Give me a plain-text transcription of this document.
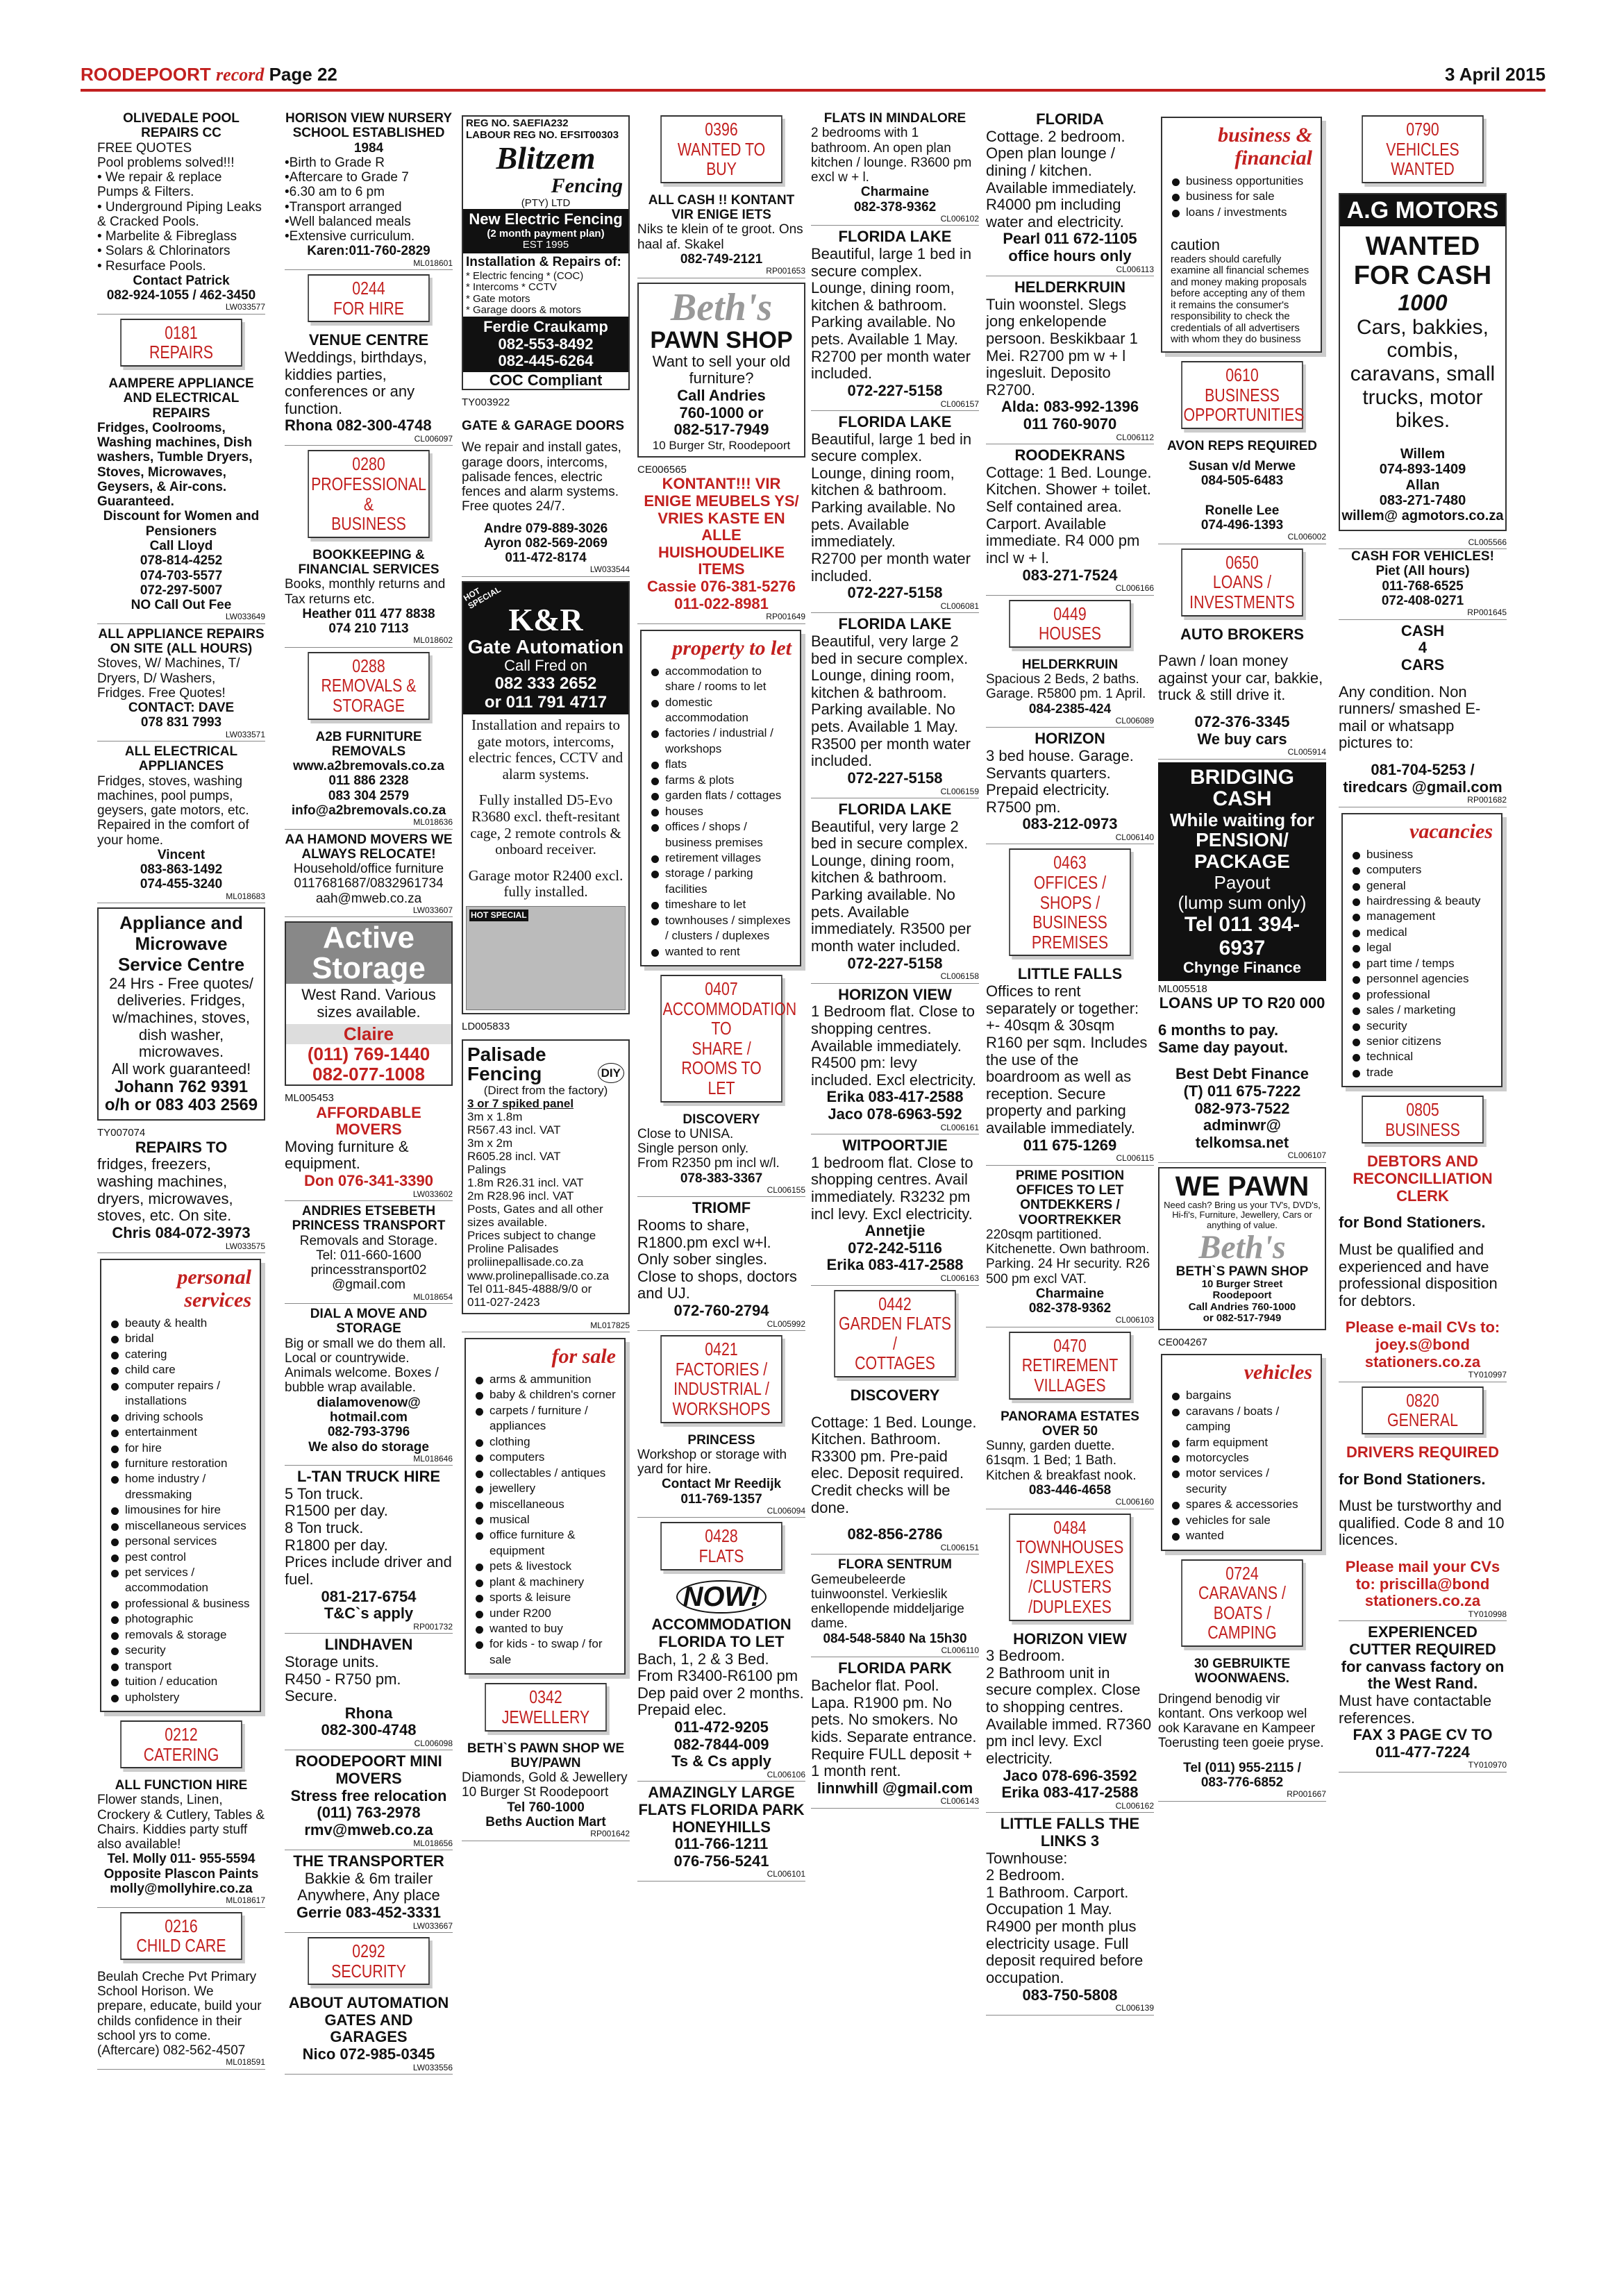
ROODEPOORT record Page 22	3 April 2015

OLIVEDALE POOL REPAIRS CC

FREE QUOTES
Pool problems solved!!!
• We repair & replace Pumps & Filters.
• Underground Piping Leaks & Cracked Pools.
• Marbelite & Fibreglass
• Solars & Chlorinators
• Resurface Pools.

Contact Patrick
082-924-1055 / 462-3450

LW033577

0181
REPAIRS

AAMPERE APPLIANCE AND ELECTRICAL REPAIRS

Fridges, Coolrooms, Washing machines, Dish washers, Tumble Dryers, Stoves, Microwaves, Geysers, & Air-cons. Guaranteed.

Discount for Women and Pensioners
Call Lloyd
078-814-4252
074-703-5577
072-297-5007
NO Call Out Fee

LW033649

ALL APPLIANCE REPAIRS ON SITE (ALL HOURS)

Stoves, W/ Machines, T/ Dryers, D/ Washers, Fridges. Free Quotes!

CONTACT: DAVE
078 831 7993

LW033571

ALL ELECTRICAL APPLIANCES

Fridges, stoves, washing machines, pool pumps, geysers, gate motors, etc. Repaired in the comfort of your home.

Vincent
083-863-1492
074-455-3240

ML018683

Appliance and Microwave Service Centre

24 Hrs - Free quotes/ deliveries. Fridges, w/machines, stoves, dish washer, microwaves.
All work guaranteed!

Johann 762 9391 o/h or 083 403 2569

TY007074

REPAIRS TO

fridges, freezers, washing machines, dryers, microwaves, stoves, etc. On site.

Chris 084-072-3973

LW033575

personal services
beauty & health
bridal
catering
child care
computer repairs / installations
driving schools
entertainment
for hire
furniture restoration
home industry / dressmaking
limousines for hire
miscellaneous services
personal services
pest control
pet services / accommodation
professional & business
photographic
removals & storage
security
transport
tuition / education
upholstery
0212
CATERING

ALL FUNCTION HIRE

Flower stands, Linen, Crockery & Cutlery, Tables & Chairs. Kiddies party stuff also available!

Tel. Molly 011- 955-5594
Opposite Plascon Paints
molly@mollyhire.co.za

ML018617

0216
CHILD CARE

Beulah Creche Pvt Primary School Horison. We prepare, educate, build your childs confidence in their school yrs to come. (Aftercare) 082-562-4507

ML018591

HORISON VIEW NURSERY SCHOOL ESTABLISHED 1984

•Birth to Grade R
•Aftercare to Grade 7
•6.30 am to 6 pm
•Transport arranged
•Well balanced meals
•Extensive curriculum.

Karen:011-760-2829

ML018601

0244
FOR HIRE

VENUE CENTRE

Weddings, birthdays, kiddies parties, conferences or any function.

Rhona 082-300-4748

CL006097

0280
PROFESSIONAL &
BUSINESS

BOOKKEEPING & FINANCIAL SERVICES

Books, monthly returns and Tax returns etc.

Heather 011 477 8838
074 210 7113

ML018602

0288
REMOVALS &
STORAGE

A2B FURNITURE REMOVALS

www.a2bremovals.co.za
011 886 2328
083 304 2579
info@a2bremovals.co.za

ML018636

AA HAMOND MOVERS WE ALWAYS RELOCATE!

Household/office furniture
0117681687/0832961734
aah@mweb.co.za

LW033607

Active

Storage

West Rand. Various sizes available.

Claire

(011) 769-1440

082-077-1008

ML005453

AFFORDABLE MOVERS

Moving furniture & equipment.

Don 076-341-3390

LW033602

ANDRIES ETSEBETH PRINCESS TRANSPORT

Removals and Storage.
Tel: 011-660-1600
princesstransport02 @gmail.com

ML018654

DIAL A MOVE AND STORAGE

Big or small we do them all. Local or countrywide. Animals welcome. Boxes / bubble wrap available.

dialamovenow@ hotmail.com
082-793-3796
We also do storage

ML018646

L-TAN TRUCK HIRE

5 Ton truck.
R1500 per day.
8 Ton truck.
R1800 per day.
Prices include driver and fuel.

081-217-6754
T&C`s apply

RP001732

LINDHAVEN

Storage units.
R450 - R750 pm.
Secure.

Rhona
082-300-4748

CL006098

ROODEPOORT MINI MOVERS

Stress free relocation

(011) 763-2978
rmv@mweb.co.za

ML018656

THE TRANSPORTER

Bakkie & 6m trailer Anywhere, Any place

Gerrie 083-452-3331

LW033667

0292
SECURITY

ABOUT AUTOMATION GATES AND GARAGES

Nico 072-985-0345

LW033556

REG NO. SAEFIA232
LABOUR REG NO. EFSIT00303

Blitzem

Fencing

(PTY) LTD

New Electric Fencing

(2 month payment plan)

EST 1995

Installation & Repairs of:

* Electric fencing * (COC)

* Intercoms * CCTV

* Gate motors

* Garage doors & motors

Ferdie Craukamp

082-553-8492

082-445-6264

COC Compliant

TY003922

GATE & GARAGE DOORS

We repair and install gates, garage doors, intercoms, palisade fences, electric fences and alarm systems. Free quotes 24/7.

Andre 079-889-3026
Ayron 082-569-2069
011-472-8174

LW033544

HOT SPECIAL

K&R

Gate Automation

Call Fred on

082 333 2652

or 011 791 4717

Installation and repairs to gate motors, intercoms, electric fences, CCTV and alarm systems.

Fully installed D5-Evo R3680 excl. theft-resitant cage, 2 remote controls & onboard receiver.

Garage motor R2400 excl. fully installed.

HOT SPECIAL

LD005833

Palisade Fencing	DIY

(Direct from the factory)

3 or 7 spiked panel

3m x 1.8m

R567.43 incl. VAT

3m x 2m

R605.28 incl. VAT

Palings

1.8m R26.31 incl. VAT

2m R28.96 incl. VAT

Posts, Gates and all other sizes available.

Prices subject to change

Proline Palisades

proliinepallisade.co.za

www.prolinepallisade.co.za

Tel 011-845-4888/9/0 or

011-027-2423

ML017825

for sale
arms & ammunition
baby & children's corner
carpets / furniture / appliances
clothing
computers
collectables / antiques
jewellery
miscellaneous
musical
office furniture & equipment
pets & livestock
plant & machinery
sports & leisure
under R200
wanted to buy
for kids - to swap / for sale
0342
JEWELLERY

BETH`S PAWN SHOP WE BUY/PAWN

Diamonds, Gold & Jewellery
10 Burger St Roodepoort

Tel 760-1000
Beths Auction Mart

RP001642

0396
WANTED TO BUY

ALL CASH !! KONTANT VIR ENIGE IETS

Niks te klein of te groot. Ons haal af. Skakel

082-749-2121

RP001653

Beth's

PAWN SHOP

Want to sell your old furniture?

Call Andries
760-1000 or
082-517-7949

10 Burger Str, Roodepoort

CE006565

KONTANT!!! VIR ENIGE MEUBELS YS/ VRIES KASTE EN ALLE HUISHOUDELIKE ITEMS

Cassie 076-381-5276
011-022-8981

RP001649

property to let
accommodation to share / rooms to let
domestic accommodation
factories / industrial / workshops
flats
farms & plots
garden flats / cottages
houses
offices / shops / business premises
retirement villages
storage / parking facilities
timeshare to let
townhouses / simplexes / clusters / duplexes
wanted to rent
0407
ACCOMMODATION TO
SHARE / ROOMS TO
LET

DISCOVERY

Close to UNISA.
Single person only.
From R2350 pm incl w/l.

078-383-3367

CL006155

TRIOMF

Rooms to share, R1800.pm excl w+l. Only sober singles. Close to shops, doctors and UJ.

072-760-2794

CL005992

0421
FACTORIES /
INDUSTRIAL /
WORKSHOPS

PRINCESS

Workshop or storage with yard for hire.

Contact Mr Reedijk
011-769-1357

CL006094

0428
FLATS

NOW!

ACCOMMODATION FLORIDA TO LET

Bach, 1, 2 & 3 Bed.
From R3400-R6100 pm
Dep paid over 2 months.
Prepaid elec.

011-472-9205
082-7844-009
Ts & Cs apply

CL006106

AMAZINGLY LARGE FLATS FLORIDA PARK HONEYHILLS

011-766-1211
076-756-5241

CL006101

FLATS IN MINDALORE

2 bedrooms with 1 bathroom. An open plan kitchen / lounge. R3600 pm excl w + l.

Charmaine
082-378-9362

CL006102

FLORIDA LAKE

Beautiful, large 1 bed in secure complex. Lounge, dining room, kitchen & bathroom. Parking available. No pets. Available 1 May.
R2700 per month water included.

072-227-5158

CL006157

FLORIDA LAKE

Beautiful, large 1 bed in secure complex. Lounge, dining room, kitchen & bathroom. Parking available. No pets. Available immediately.
R2700 per month water included.

072-227-5158

CL006081

FLORIDA LAKE

Beautiful, very large 2 bed in secure complex. Lounge, dining room, kitchen & bathroom. Parking available. No pets. Available 1 May.
R3500 per month water included.

072-227-5158

CL006159

FLORIDA LAKE

Beautiful, very large 2 bed in secure complex. Lounge, dining room, kitchen & bathroom. Parking available. No pets. Available immediately. R3500 per month water included.

072-227-5158

CL006158

HORIZON VIEW

1 Bedroom flat. Close to shopping centres. Available immediately. R4500 pm: levy included. Excl electricity.

Erika 083-417-2588
Jaco 078-6963-592

CL006161

WITPOORTJIE

1 bedroom flat. Close to shopping centres. Avail immediately. R3232 pm incl levy. Excl electricity.

Annetjie
072-242-5116
Erika 083-417-2588

CL006163

0442
GARDEN FLATS /
COTTAGES

DISCOVERY

Cottage: 1 Bed. Lounge. Kitchen. Bathroom. R3300 pm. Pre-paid elec. Deposit required. Credit checks will be done.

082-856-2786

CL006151

FLORA SENTRUM

Gemeubeleerde tuinwoonstel. Verkieslik enkellopende middeljarige dame.

084-548-5840 Na 15h30

CL006110

FLORIDA PARK

Bachelor flat. Pool. Lapa. R1900 pm. No pets. No smokers. No kids. Separate entrance. Require FULL deposit + 1 month rent.

linnwhill @gmail.com

CL006143

FLORIDA

Cottage. 2 bedroom. Open plan lounge / dining / kitchen. Available immediately. R4000 pm including water and electricity.

Pearl 011 672-1105
office hours only

CL006113

HELDERKRUIN

Tuin woonstel. Slegs jong enkelopende persoon. Beskikbaar 1 Mei. R2700 pm w + l ingesluit. Deposito R2700.

Alda: 083-992-1396
011 760-9070

CL006112

ROODEKRANS

Cottage: 1 Bed. Lounge. Kitchen. Shower + toilet. Self contained area. Carport. Available immediate. R4 000 pm incl w + l.

083-271-7524

CL006166

0449
HOUSES

HELDERKRUIN

Spacious 2 Beds, 2 baths. Garage. R5800 pm. 1 April.

084-2385-424

CL006089

HORIZON

3 bed house. Garage. Servants quarters. Prepaid electricity. R7500 pm.

083-212-0973

CL006140

0463
OFFICES / SHOPS /
BUSINESS PREMISES

LITTLE FALLS

Offices to rent separately or together:
+- 40sqm & 30sqm R160 per sqm. Includes the use of the boardroom as well as reception. Secure property and parking available immediately.

011 675-1269

CL006115

PRIME POSITION OFFICES TO LET ONTDEKKERS / VOORTREKKER

220sqm partitioned. Kitchenette. Own bathroom. Parking. 24 Hr security. R26 500 pm excl VAT.

Charmaine
082-378-9362

CL006103

0470
RETIREMENT
VILLAGES

PANORAMA ESTATES OVER 50

Sunny, garden duette. 61sqm. 1 Bed; 1 Bath. Kitchen & breakfast nook.

083-446-4658

CL006160

0484
TOWNHOUSES
/SIMPLEXES
/CLUSTERS
/DUPLEXES

HORIZON VIEW

3 Bedroom.
2 Bathroom unit in secure complex. Close to shopping centres. Available immed. R7360 pm incl levy. Excl electricity.

Jaco 078-696-3592
Erika 083-417-2588

CL006162

LITTLE FALLS THE LINKS 3

Townhouse:
2 Bedroom.
1 Bathroom. Carport. Occupation 1 May. R4900 per month plus electricity usage. Full deposit required before occupation.

083-750-5808

CL006139

business & financial
business opportunities
business for sale
loans / investments

caution

readers should carefully examine all financial schemes and money making proposals before accepting any of them it remains the consumer's responsibility to check the credentials of all advertisers with whom they do business

0610
BUSINESS
OPPORTUNITIES

AVON REPS REQUIRED

Susan v/d Merwe
084-505-6483

Ronelle Lee
074-496-1393

CL006002

0650
LOANS /
INVESTMENTS

AUTO BROKERS

Pawn / loan money against your car, bakkie, truck & still drive it.

072-376-3345
We buy cars

CL005914

BRIDGING CASH

While waiting for

PENSION/

PACKAGE

Payout

(lump sum only)

Tel 011 394-6937

Chynge Finance

ML005518

LOANS UP TO R20 000

6 months to pay.
Same day payout.

Best Debt Finance
(T) 011 675-7222
082-973-7522
adminwr@ telkomsa.net

CL006107

WE PAWN

Need cash? Bring us your TV's, DVD's, Hi-fi's, Furniture, Jewellery, Cars or anything of value.

Beth's

BETH`S PAWN SHOP

10 Burger Street
Roodepoort

Call Andries 760-1000
or 082-517-7949

CE004267

vehicles
bargains
caravans / boats / camping
farm equipment
motorcycles
motor services / security
spares & accessories
vehicles for sale
wanted
0724
CARAVANS / BOATS /
CAMPING

30 GEBRUIKTE WOONWAENS.

Dringend benodig vir kontant. Ons verkoop wel ook Karavane en Kampeer Toerusting teen goeie pryse.

Tel (011) 955-2115 /
083-776-6852

RP001667

0790
VEHICLES WANTED

A.G MOTORS

WANTED FOR CASH

1000

Cars, bakkies, combis, caravans, small trucks, motor bikes.

Willem
074-893-1409
Allan
083-271-7480
willem@ agmotors.co.za

CL005566

CASH FOR VEHICLES!

Piet (All hours)
011-768-6525
072-408-0271

RP001645

CASH
4
CARS

Any condition. Non runners/ smashed E-mail or whatsapp pictures to:

081-704-5253 / tiredcars @gmail.com

RP001682

vacancies
business
computers
general
hairdressing & beauty
management
medical
legal
part time / temps
personnel agencies
professional
sales / marketing
security
senior citizens
technical
trade
0805
BUSINESS

DEBTORS AND RECONCILLIATION CLERK

for Bond Stationers.

Must be qualified and experienced and have professional disposition for debtors.

Please e-mail CVs to: joey.s@bond stationers.co.za

TY010997

0820
GENERAL

DRIVERS REQUIRED

for Bond Stationers.

Must be turstworthy and qualified. Code 8 and 10 licences.

Please mail your CVs to: priscilla@bond stationers.co.za

TY010998

EXPERIENCED CUTTER REQUIRED for canvass factory on the West Rand.

Must have contactable references.

FAX 3 PAGE CV TO 011-477-7224

TY010970
